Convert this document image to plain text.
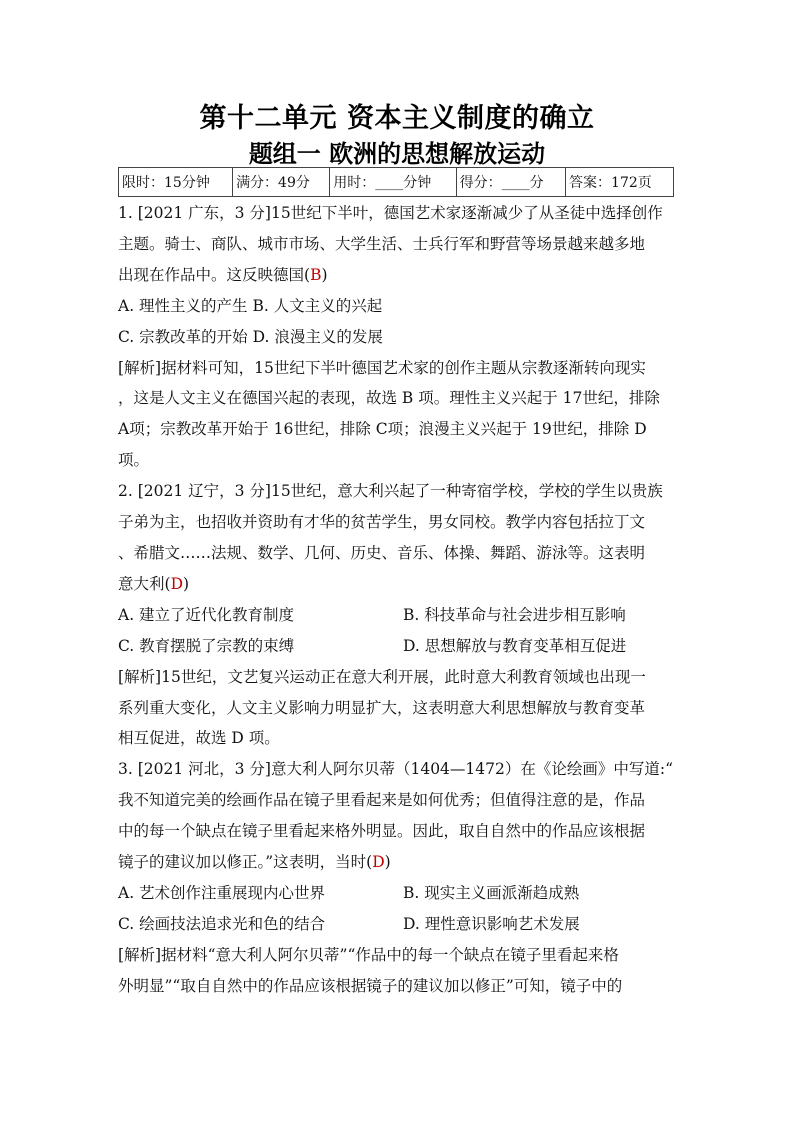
第十二单元 资本主义制度的确立
题组一 欧洲的思想解放运动
限时：15分钟	满分：49分	用时：____分钟	得分：____分	答案：172页

1. [2021 广东，3 分]15世纪下半叶，德国艺术家逐渐减少了从圣徒中选择创作

主题。骑士、商队、城市市场、大学生活、士兵行军和野营等场景越来越多地

出现在作品中。这反映德国(B)

A. 理性主义的产生 B. 人文主义的兴起

C. 宗教改革的开始 D. 浪漫主义的发展

[解析]据材料可知，15世纪下半叶德国艺术家的创作主题从宗教逐渐转向现实

，这是人文主义在德国兴起的表现，故选 B 项。理性主义兴起于 17世纪，排除

A项；宗教改革开始于 16世纪，排除 C项；浪漫主义兴起于 19世纪，排除 D

项。

2. [2021 辽宁，3 分]15世纪，意大利兴起了一种寄宿学校，学校的学生以贵族

子弟为主，也招收并资助有才华的贫苦学生，男女同校。教学内容包括拉丁文

、希腊文……法规、数学、几何、历史、音乐、体操、舞蹈、游泳等。这表明

意大利(D)

A. 建立了近代化教育制度	B. 科技革命与社会进步相互影响

C. 教育摆脱了宗教的束缚	D. 思想解放与教育变革相互促进

[解析]15世纪，文艺复兴运动正在意大利开展，此时意大利教育领域也出现一

系列重大变化，人文主义影响力明显扩大，这表明意大利思想解放与教育变革

相互促进，故选 D 项。

3. [2021 河北，3 分]意大利人阿尔贝蒂（1404—1472）在《论绘画》中写道:“

我不知道完美的绘画作品在镜子里看起来是如何优秀；但值得注意的是，作品

中的每一个缺点在镜子里看起来格外明显。因此，取自自然中的作品应该根据

镜子的建议加以修正。”这表明，当时(D)

A. 艺术创作注重展现内心世界	B. 现实主义画派渐趋成熟

C. 绘画技法追求光和色的结合	D. 理性意识影响艺术发展

[解析]据材料“意大利人阿尔贝蒂”“作品中的每一个缺点在镜子里看起来格

外明显”“取自自然中的作品应该根据镜子的建议加以修正”可知，镜子中的
